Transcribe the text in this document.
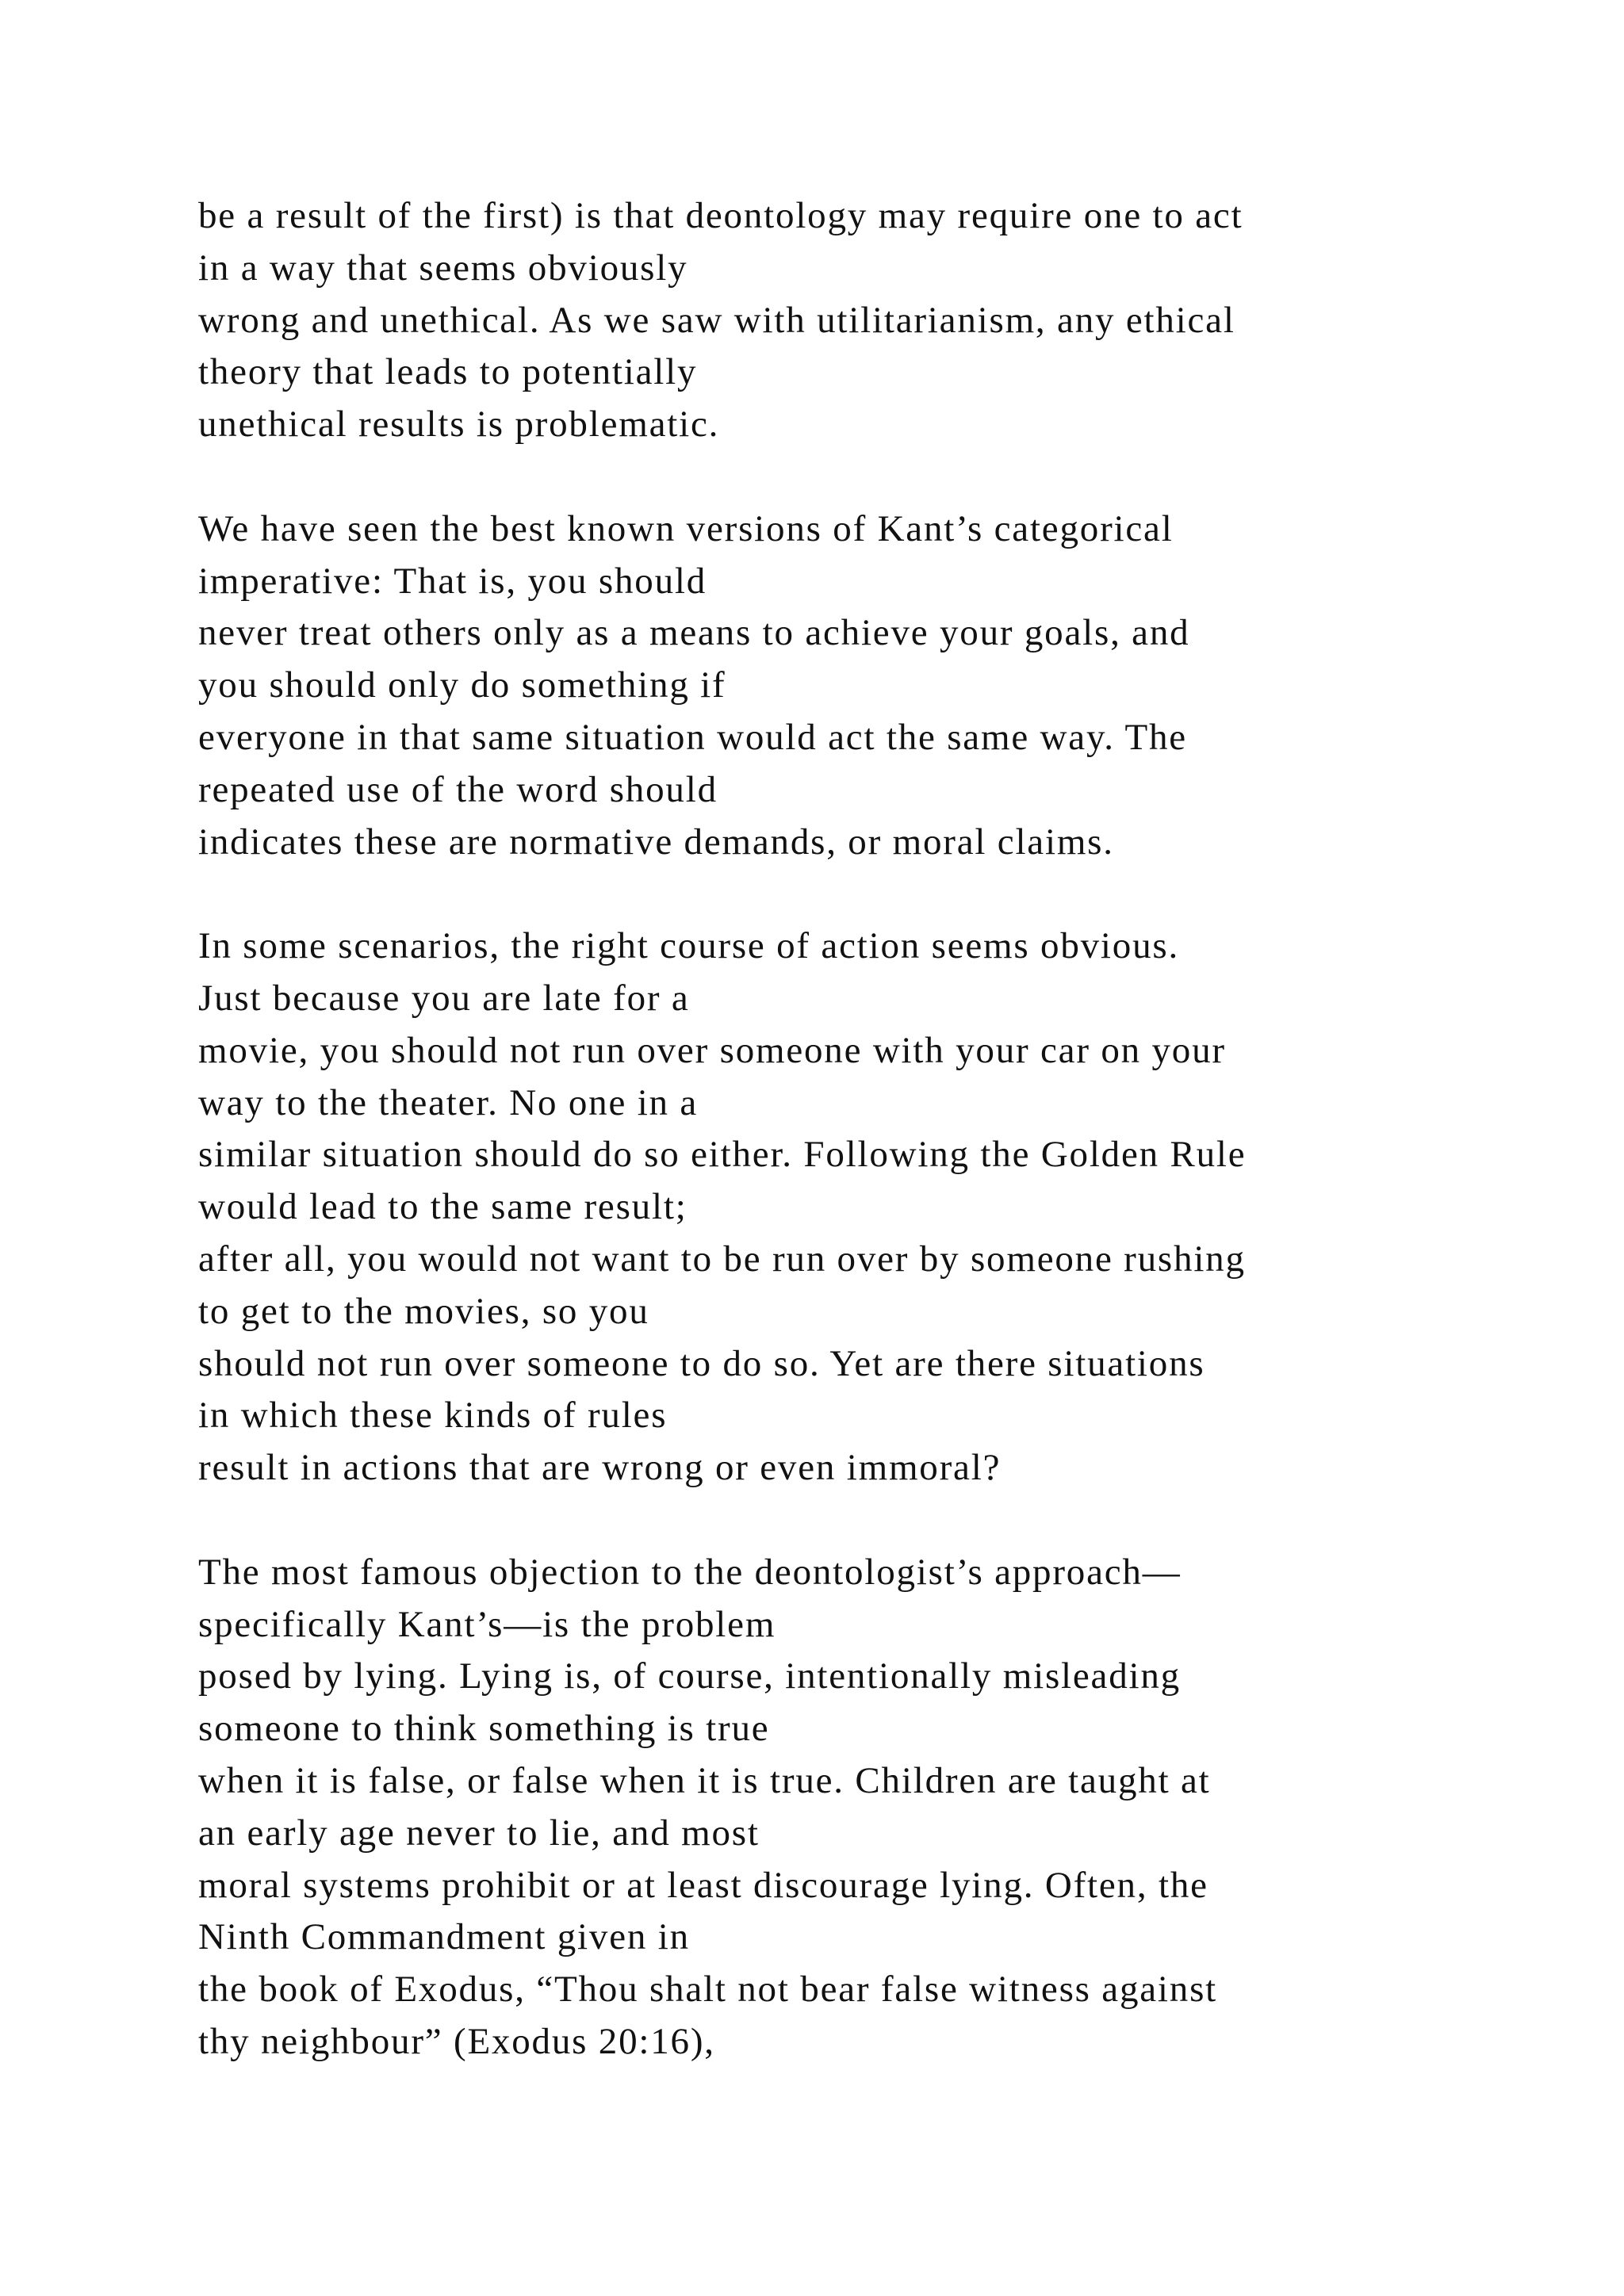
be a result of the first) is that deontology may require one to act
in a way that seems obviously
wrong and unethical. As we saw with utilitarianism, any ethical
theory that leads to potentially
unethical results is problematic.
We have seen the best known versions of Kant’s categorical
imperative: That is, you should
never treat others only as a means to achieve your goals, and
you should only do something if
everyone in that same situation would act the same way. The
repeated use of the word should
indicates these are normative demands, or moral claims.
In some scenarios, the right course of action seems obvious.
Just because you are late for a
movie, you should not run over someone with your car on your
way to the theater. No one in a
similar situation should do so either. Following the Golden Rule
would lead to the same result;
after all, you would not want to be run over by someone rushing
to get to the movies, so you
should not run over someone to do so. Yet are there situations
in which these kinds of rules
result in actions that are wrong or even immoral?
The most famous objection to the deontologist’s approach—
specifically Kant’s—is the problem
posed by lying. Lying is, of course, intentionally misleading
someone to think something is true
when it is false, or false when it is true. Children are taught at
an early age never to lie, and most
moral systems prohibit or at least discourage lying. Often, the
Ninth Commandment given in
the book of Exodus, “Thou shalt not bear false witness against
thy neighbour” (Exodus 20:16),
